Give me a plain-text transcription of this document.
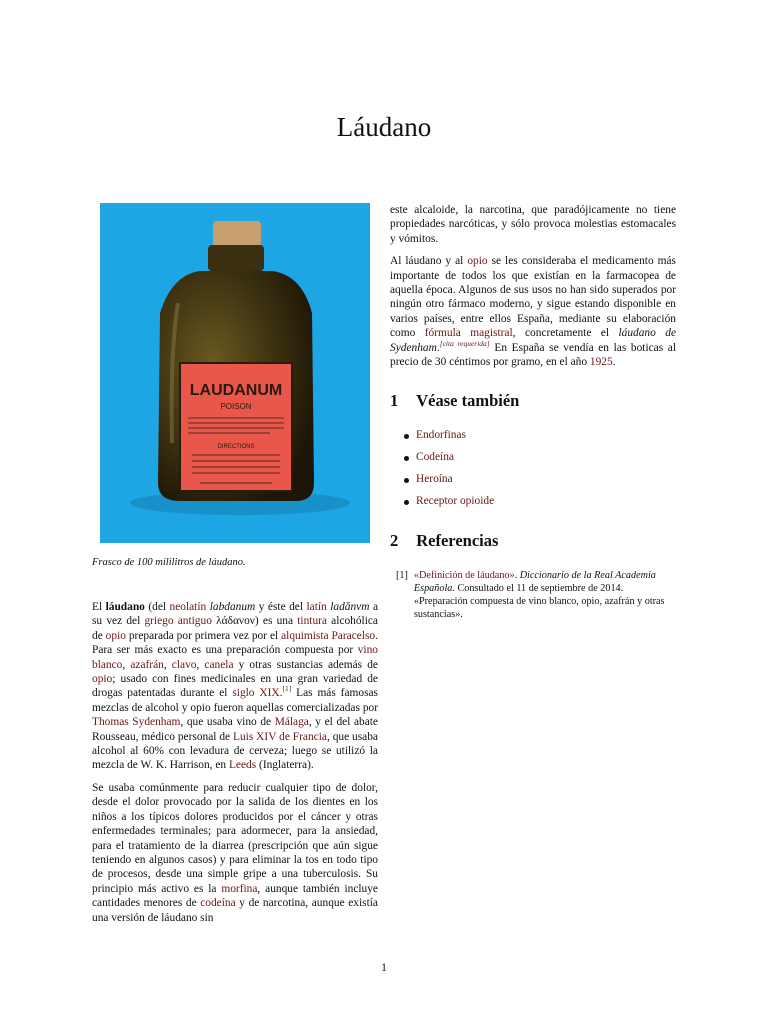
Láudano
LAUDANUM
POISON
DIRECTIONS

Frasco de 100 mililitros de láudano.

El láudano (del neolatín labdanum y éste del latín ladănvm a su vez del griego antiguo λάδανον) es una tintura alcohólica de opio preparada por primera vez por el alquimista Paracelso. Para ser más exacto es una preparación compuesta por vino blanco, azafrán, clavo, canela y otras sustancias además de opio; usado con fines medicinales en una gran variedad de drogas patentadas durante el siglo XIX.[1] Las más famosas mezclas de alcohol y opio fueron aquellas comercializadas por Thomas Sydenham, que usaba vino de Málaga, y el del abate Rousseau, médico personal de Luis XIV de Francia, que usaba alcohol al 60% con levadura de cerveza; luego se utilizó la mezcla de W. K. Harrison, en Leeds (Inglaterra).

Se usaba comúnmente para reducir cualquier tipo de dolor, desde el dolor provocado por la salida de los dientes en los niños a los típicos dolores producidos por el cáncer y otras enfermedades terminales; para adormecer, para la ansiedad, para el tratamiento de la diarrea (prescripción que aún sigue teniendo en algunos casos) y para eliminar la tos en todo tipo de procesos, desde una simple gripe a una tuberculosis. Su principio más activo es la morfina, aunque también incluye cantidades menores de codeína y de narcotina, aunque existía una versión de láudano sin

este alcaloide, la narcotina, que paradójicamente no tiene propiedades narcóticas, y sólo provoca molestias estomacales y vómitos.

Al láudano y al opio se les consideraba el medicamento más importante de todos los que existían en la farmacopea de aquella época. Algunos de sus usos no han sido superados por ningún otro fármaco moderno, y sigue estando disponible en varios países, entre ellos España, mediante su elaboración como fórmula magistral, concretamente el láudano de Sydenham.[cita requerida] En España se vendía en las boticas al precio de 30 céntimos por gramo, en el año 1925.

1 Véase también
Endorfinas
Codeína
Heroína
Receptor opioide
2 Referencias
[1] «Definición de láudano». Diccionario de la Real Academia Española. Consultado el 11 de septiembre de 2014. «Preparación compuesta de vino blanco, opio, azafrán y otras sustancias».
1
